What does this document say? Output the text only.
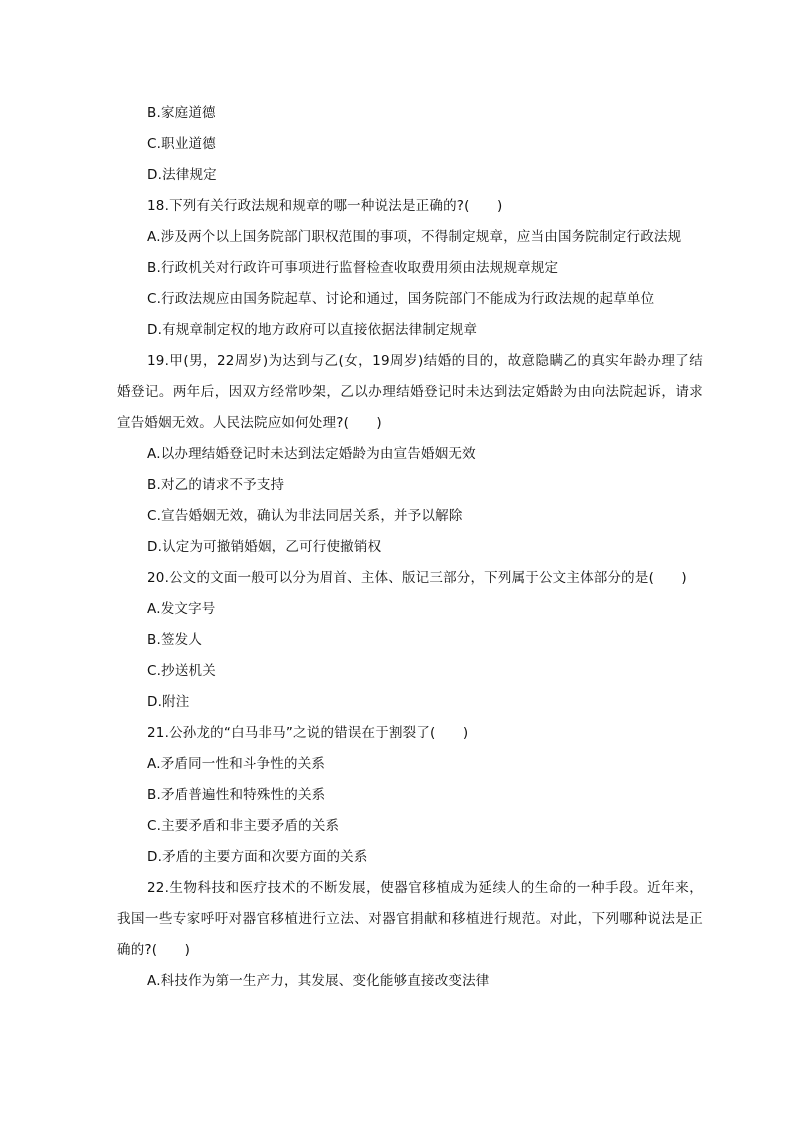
B.家庭道德
C.职业道德
D.法律规定
18.下列有关行政法规和规章的哪一种说法是正确的?(　　)
A.涉及两个以上国务院部门职权范围的事项，不得制定规章，应当由国务院制定行政法规
B.行政机关对行政许可事项进行监督检查收取费用须由法规规章规定
C.行政法规应由国务院起草、讨论和通过，国务院部门不能成为行政法规的起草单位
D.有规章制定权的地方政府可以直接依据法律制定规章
19.甲(男，22周岁)为达到与乙(女，19周岁)结婚的目的，故意隐瞒乙的真实年龄办理了结婚登记。两年后，因双方经常吵架，乙以办理结婚登记时未达到法定婚龄为由向法院起诉，请求宣告婚姻无效。人民法院应如何处理?(　　)
A.以办理结婚登记时未达到法定婚龄为由宣告婚姻无效
B.对乙的请求不予支持
C.宣告婚姻无效，确认为非法同居关系，并予以解除
D.认定为可撤销婚姻，乙可行使撤销权
20.公文的文面一般可以分为眉首、主体、版记三部分，下列属于公文主体部分的是(　　)
A.发文字号
B.签发人
C.抄送机关
D.附注
21.公孙龙的“白马非马”之说的错误在于割裂了(　　)
A.矛盾同一性和斗争性的关系
B.矛盾普遍性和特殊性的关系
C.主要矛盾和非主要矛盾的关系
D.矛盾的主要方面和次要方面的关系
22.生物科技和医疗技术的不断发展，使器官移植成为延续人的生命的一种手段。近年来，我国一些专家呼吁对器官移植进行立法、对器官捐献和移植进行规范。对此，下列哪种说法是正确的?(　　)
A.科技作为第一生产力，其发展、变化能够直接改变法律
